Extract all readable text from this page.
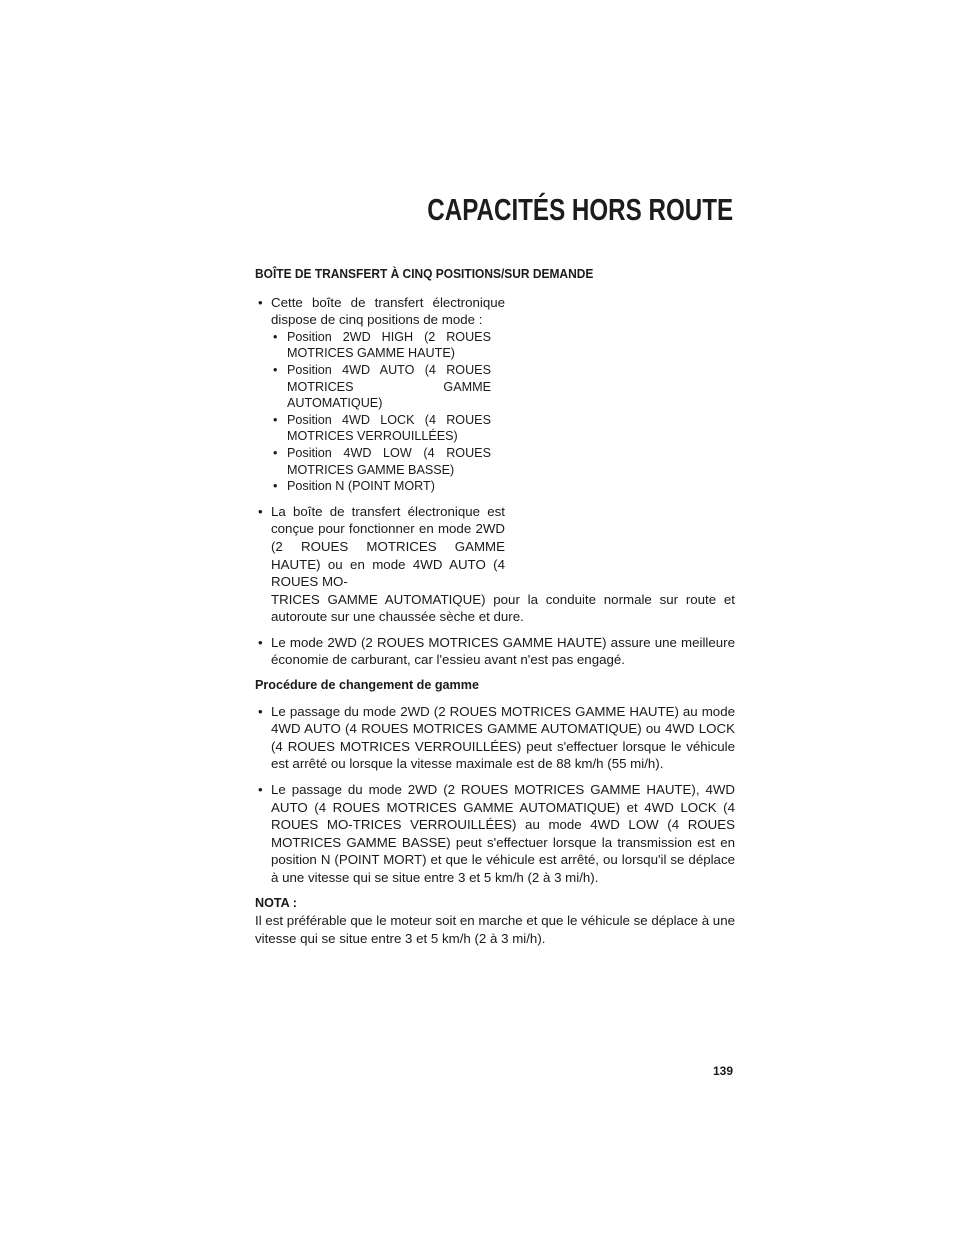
CAPACITÉS HORS ROUTE
BOÎTE DE TRANSFERT À CINQ POSITIONS/SUR DEMANDE
• Cette boîte de transfert électronique dispose de cinq positions de mode :
• Position 2WD HIGH (2 ROUES MOTRICES GAMME HAUTE)
• Position 4WD AUTO (4 ROUES MOTRICES GAMME AUTOMATIQUE)
• Position 4WD LOCK (4 ROUES MOTRICES VERROUILLÉES)
• Position 4WD LOW (4 ROUES MOTRICES GAMME BASSE)
• Position N (POINT MORT)
• La boîte de transfert électronique est conçue pour fonctionner en mode 2WD (2 ROUES MOTRICES GAMME HAUTE) ou en mode 4WD AUTO (4 ROUES MO-
TRICES GAMME AUTOMATIQUE) pour la conduite normale sur route et autoroute sur une chaussée sèche et dure.
• Le mode 2WD (2 ROUES MOTRICES GAMME HAUTE) assure une meilleure économie de carburant, car l'essieu avant n'est pas engagé.
Procédure de changement de gamme
• Le passage du mode 2WD (2 ROUES MOTRICES GAMME HAUTE) au mode 4WD AUTO (4 ROUES MOTRICES GAMME AUTOMATIQUE) ou 4WD LOCK (4 ROUES MOTRICES VERROUILLÉES) peut s'effectuer lorsque le véhicule est arrêté ou lorsque la vitesse maximale est de 88 km/h (55 mi/h).
• Le passage du mode 2WD (2 ROUES MOTRICES GAMME HAUTE), 4WD AUTO (4 ROUES MOTRICES GAMME AUTOMATIQUE) et 4WD LOCK (4 ROUES MO-TRICES VERROUILLÉES) au mode 4WD LOW (4 ROUES MOTRICES GAMME BASSE) peut s'effectuer lorsque la transmission est en position N (POINT MORT) et que le véhicule est arrêté, ou lorsqu'il se déplace à une vitesse qui se situe entre 3 et 5 km/h (2 à 3 mi/h).
NOTA :

Il est préférable que le moteur soit en marche et que le véhicule se déplace à une vitesse qui se situe entre 3 et 5 km/h (2 à 3 mi/h).

139
